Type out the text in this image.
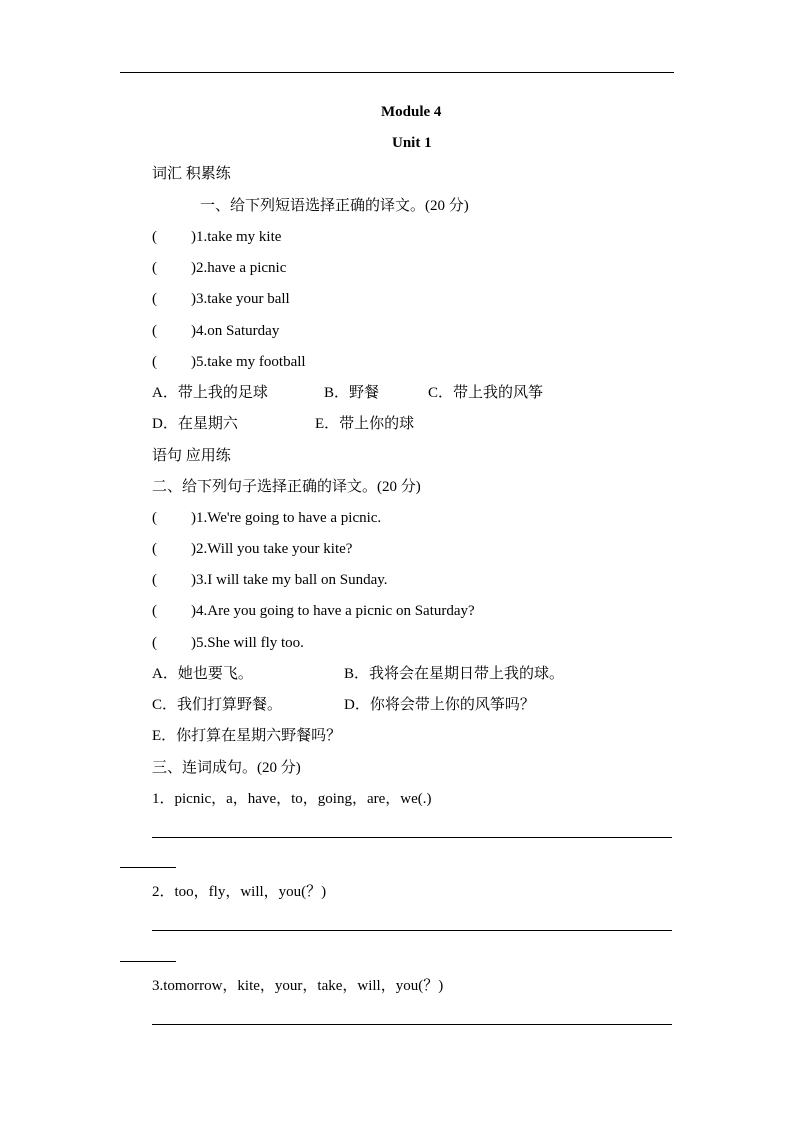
Module 4
Unit 1
词汇 积累练
一、给下列短语选择正确的译文。(20 分)
( )1.take my kite
( )2.have a picnic
( )3.take your ball
( )4.on Saturday
( )5.take my football
A．带上我的足球	B．野餐	C．带上我的风筝
D．在星期六	E．带上你的球
语句 应用练
二、给下列句子选择正确的译文。(20 分)
( )1.We're going to have a picnic.
( )2.Will you take your kite?
( )3.I will take my ball on Sunday.
( )4.Are you going to have a picnic on Saturday?
( )5.She will fly too.
A．她也要飞。	B．我将会在星期日带上我的球。
C．我们打算野餐。	D．你将会带上你的风筝吗？
E．你打算在星期六野餐吗？
三、连词成句。(20 分)
1．picnic，a，have，to，going，are，we(.)
2．too，fly，will，you(？)
3.tomorrow，kite，your，take，will，you(？)
